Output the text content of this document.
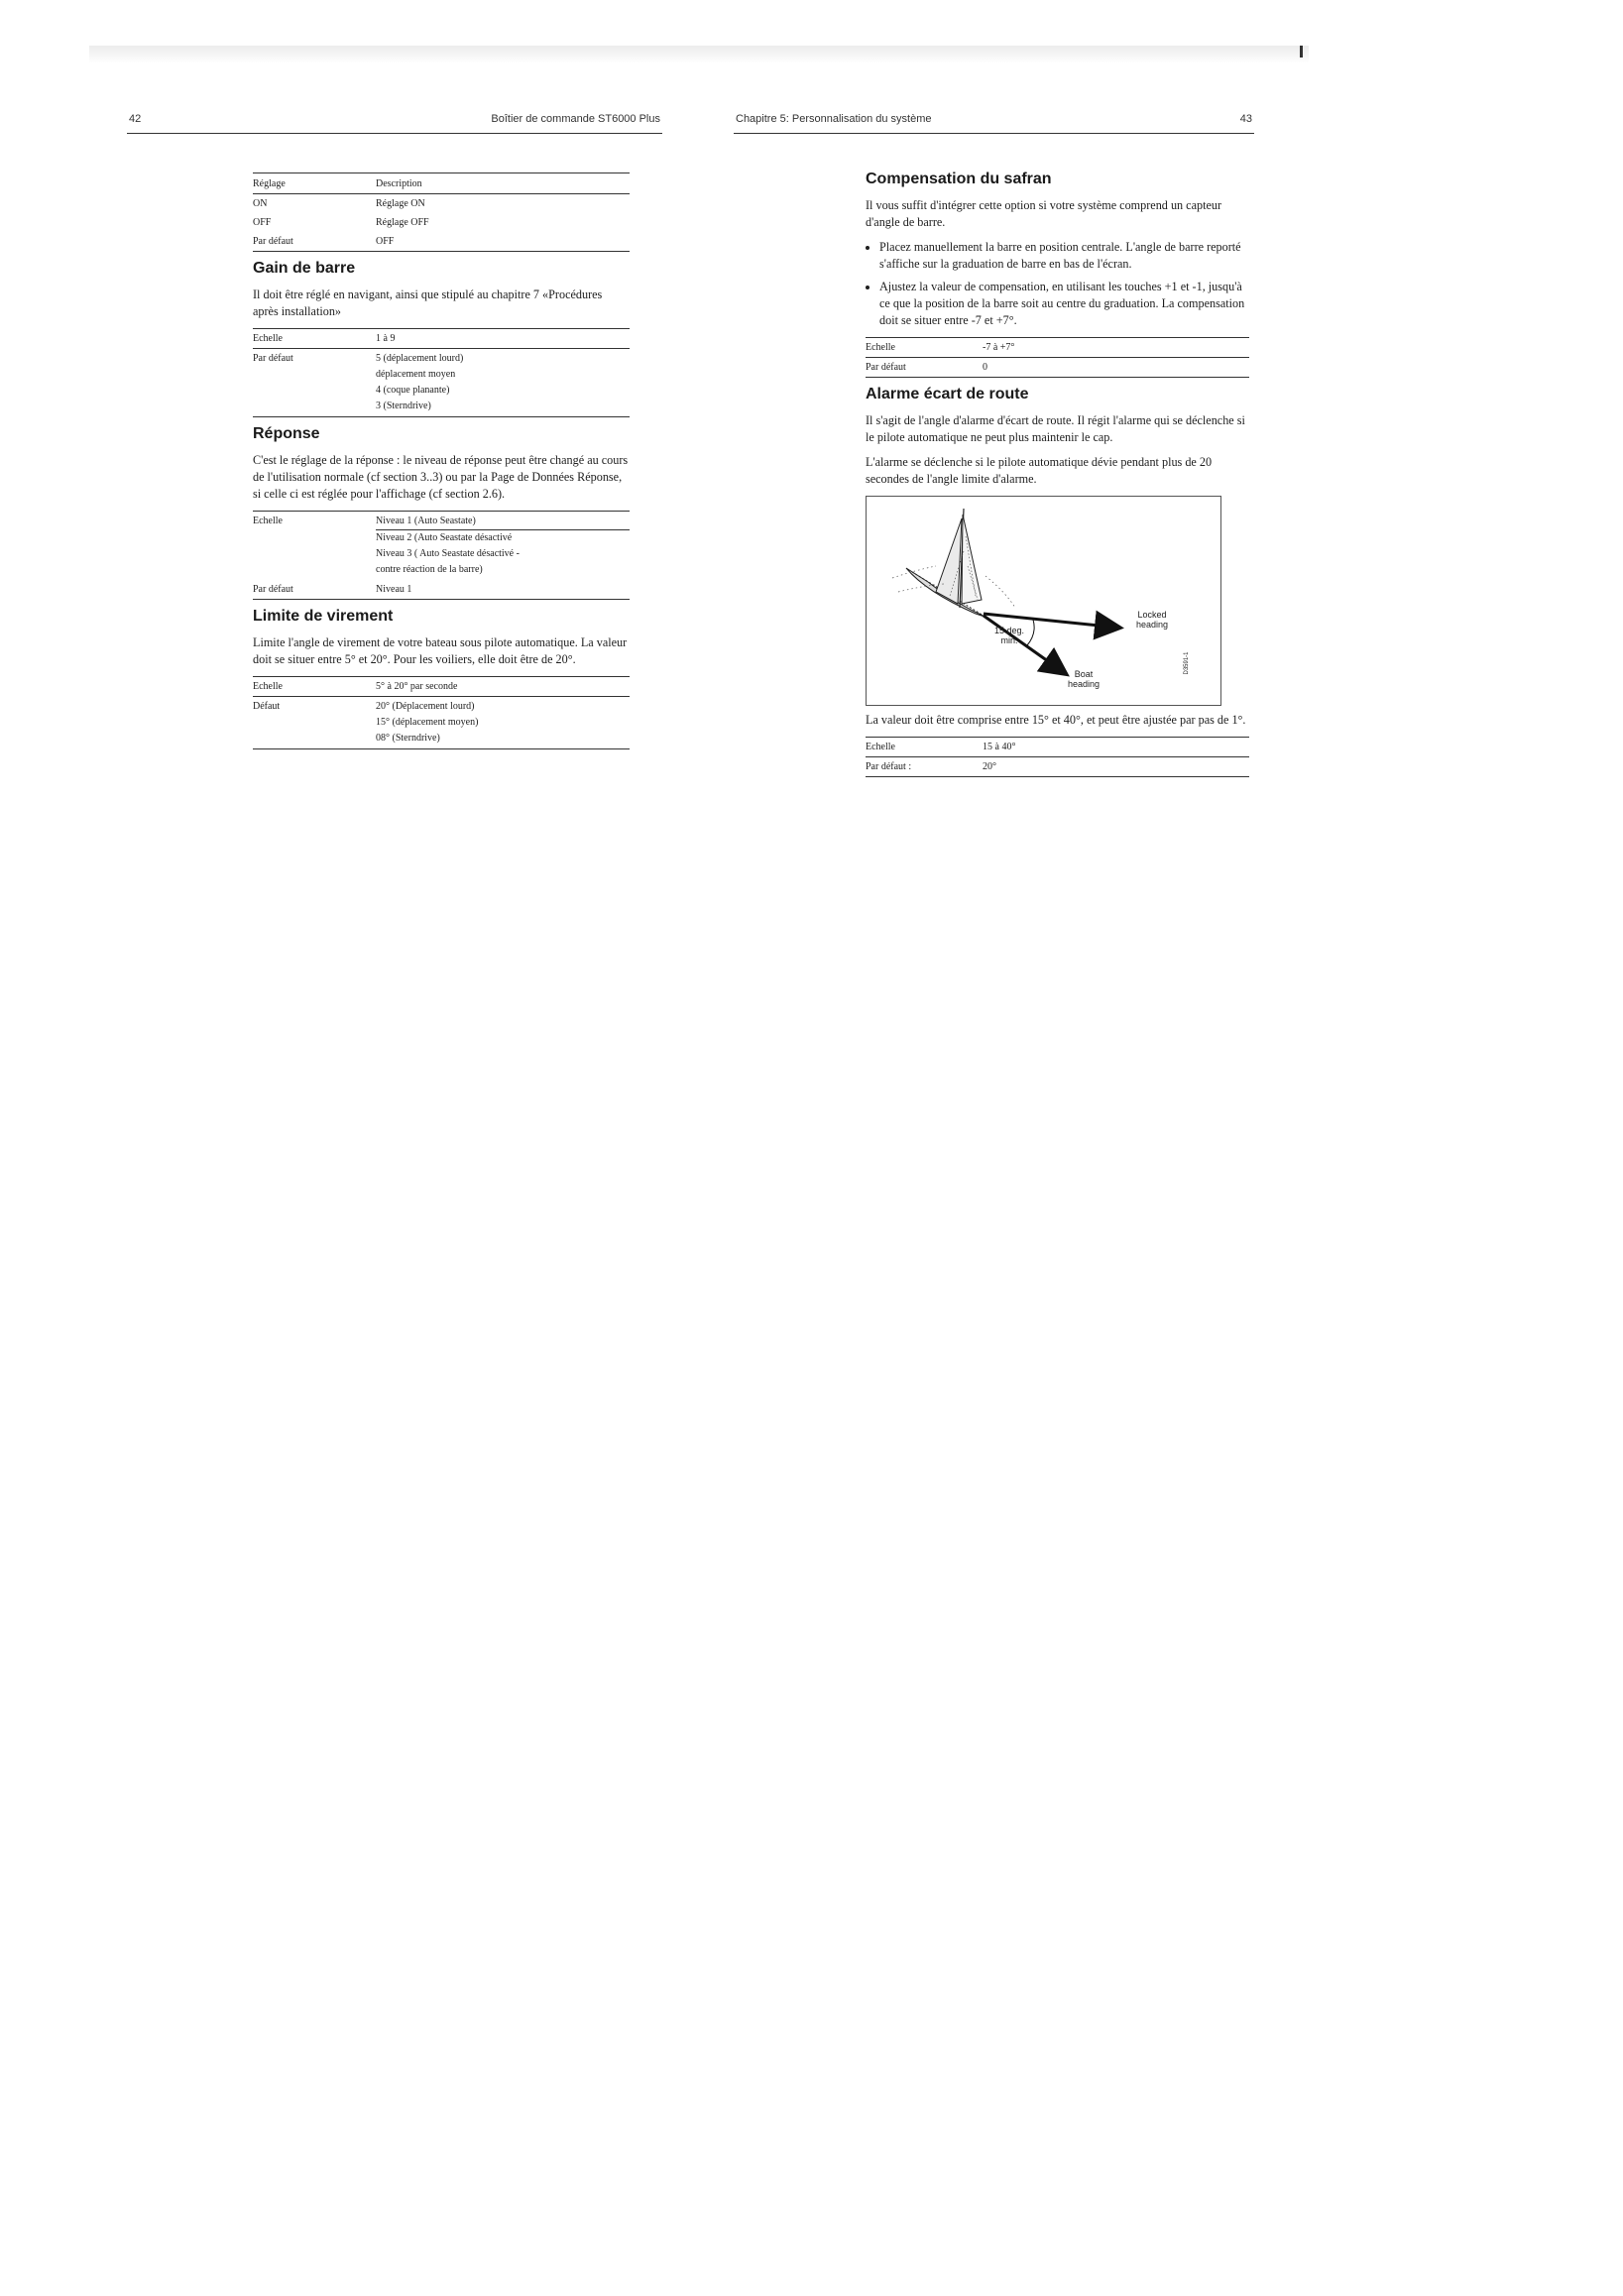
42	Boîtier de commande ST6000 Plus
Réglage	Description
ON	Réglage ON
OFF	Réglage OFF
Par défaut	OFF
Gain de barre

Il doit être réglé en navigant, ainsi que stipulé au chapitre 7 «Procédures après installation»

Echelle	1 à 9
Par défaut	5 (déplacement lourd)
déplacement moyen
4 (coque planante)
3 (Sterndrive)
Réponse

C'est le réglage de la réponse : le niveau de réponse peut être changé au cours de l'utilisation normale (cf section 3..3) ou par la Page de Données Réponse, si celle ci est réglée pour l'affichage (cf section 2.6).

Echelle	Niveau 1 (Auto Seastate)
Niveau 2 (Auto Seastate désactivé
Niveau 3 ( Auto Seastate désactivé -
contre réaction de la barre)

Par défaut	Niveau 1
Limite de virement

Limite l'angle de virement de votre bateau sous pilote automatique. La valeur doit se situer entre 5° et 20°. Pour les voiliers, elle doit être de 20°.

Echelle	5° à 20° par seconde
Défaut	20° (Déplacement lourd)
15° (déplacement moyen)
08° (Sterndrive)
Chapitre 5: Personnalisation du système	43
Compensation du safran

Il vous suffit d'intégrer cette option si votre système comprend un capteur d'angle de barre.

• Placez manuellement la barre en position centrale. L'angle de barre reporté s'affiche sur la graduation de barre en bas de l'écran.
• Ajustez la valeur de compensation, en utilisant les touches +1 et -1, jusqu'à ce que la position de la barre soit au centre du graduation. La compensation doit se situer entre -7 et +7°.
Echelle	-7 à +7°
Par défaut	0
Alarme écart de route

Il s'agit de l'angle d'alarme d'écart de route. Il régit l'alarme qui se déclenche si le pilote automatique ne peut plus maintenir le cap.

L'alarme se déclenche si le pilote automatique dévie pendant plus de 20 secondes de l'angle limite d'alarme.

Locked heading
15 deg. min.
Boat heading
D3591-1

La valeur doit être comprise entre 15° et 40°, et peut être ajustée par pas de 1°.

Echelle	15 à 40°
Par défaut :	20°
